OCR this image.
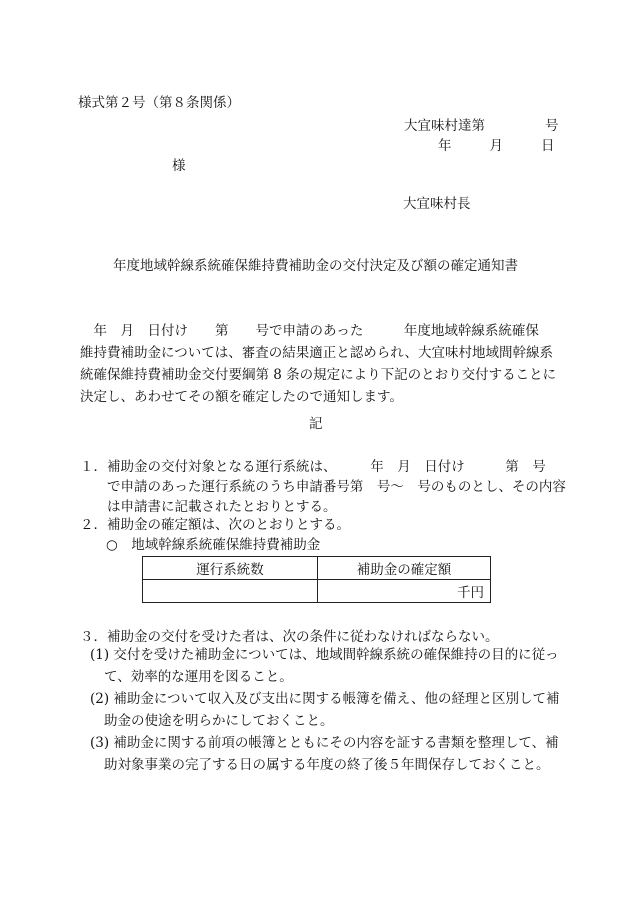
様式第２号（第８条関係）
大宜味村達第	号
年	月	日
様
大宜味村長
年度地域幹線系統確保維持費補助金の交付決定及び額の確定通知書
　年　月　日付け　　第　　号で申請のあった　　　年度地域幹線系統確保
維持費補助金については、審査の結果適正と認められ、大宜味村地域間幹線系
統確保維持費補助金交付要綱第 8 条の規定により下記のとおり交付することに
決定し、あわせてその額を確定したので通知します。
記
１．補助金の交付対象となる運行系統は、　　　年　月　日付け　　　第　号
　　で申請のあった運行系統のうち申請番号第　号～　号のものとし、その内容
　　は申請書に記載されたとおりとする。
２．補助金の確定額は、次のとおりとする。
○　地域幹線系統確保維持費補助金
運行系統数	補助金の確定額
	千円
３．補助金の交付を受けた者は、次の条件に従わなければならない。
(1) 交付を受けた補助金については、地域間幹線系統の確保維持の目的に従っ
て、効率的な運用を図ること。
(2) 補助金について収入及び支出に関する帳簿を備え、他の経理と区別して補
助金の使途を明らかにしておくこと。
(3) 補助金に関する前項の帳簿とともにその内容を証する書類を整理して、補
助対象事業の完了する日の属する年度の終了後５年間保存しておくこと。
